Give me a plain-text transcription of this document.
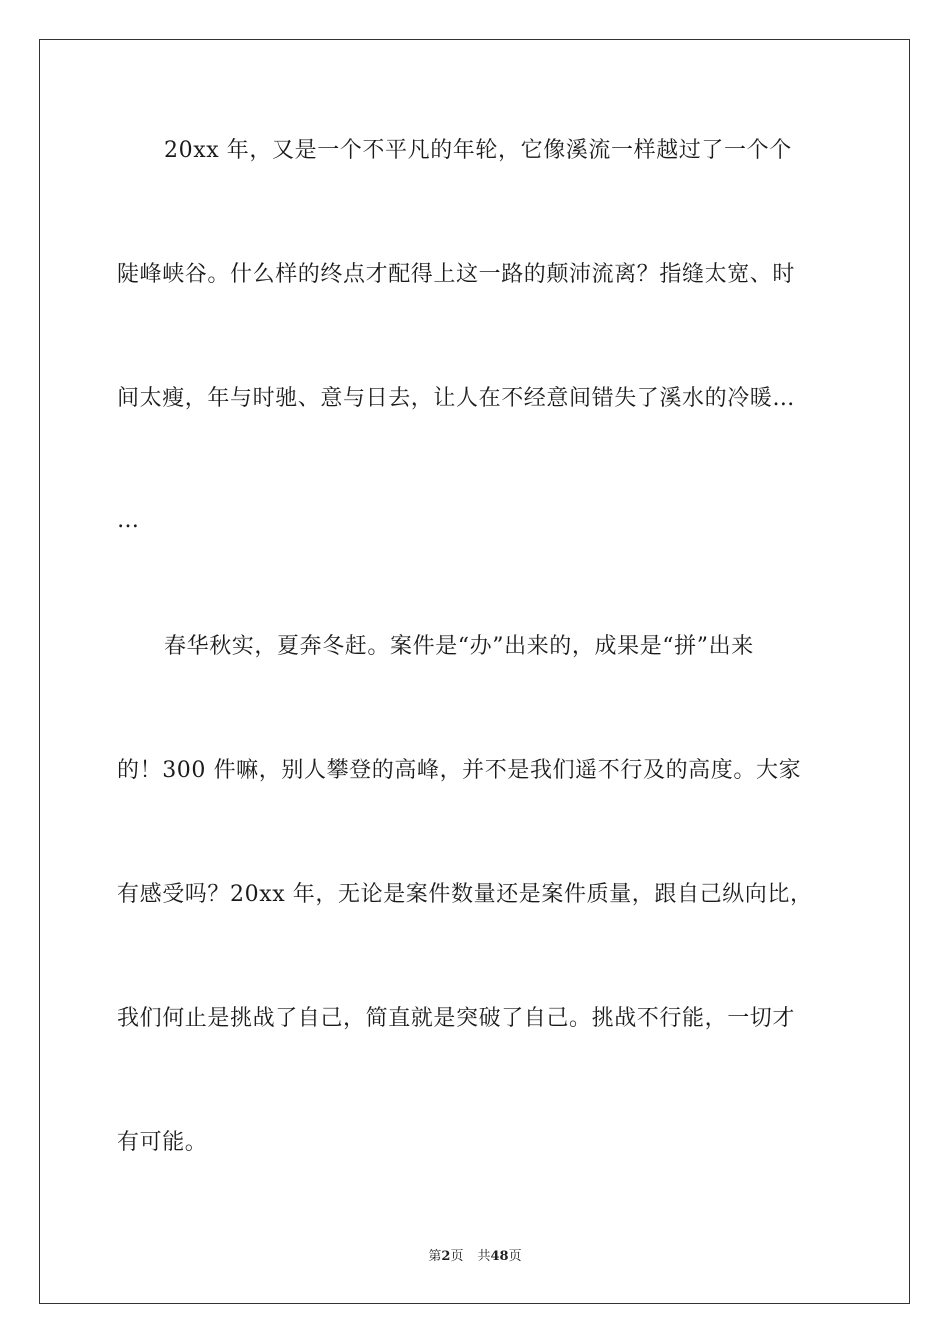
20xx 年，又是一个不平凡的年轮，它像溪流一样越过了一个个
陡峰峡谷。什么样的终点才配得上这一路的颠沛流离？指缝太宽、时
间太瘦，年与时驰、意与日去，让人在不经意间错失了溪水的冷暖…
…
春华秋实，夏奔冬赶。案件是“办”出来的，成果是“拼”出来
的！300 件嘛，别人攀登的高峰，并不是我们遥不行及的高度。大家
有感受吗？20xx 年，无论是案件数量还是案件质量，跟自己纵向比，
我们何止是挑战了自己，简直就是突破了自己。挑战不行能，一切才
有可能。
第2页 共48页
